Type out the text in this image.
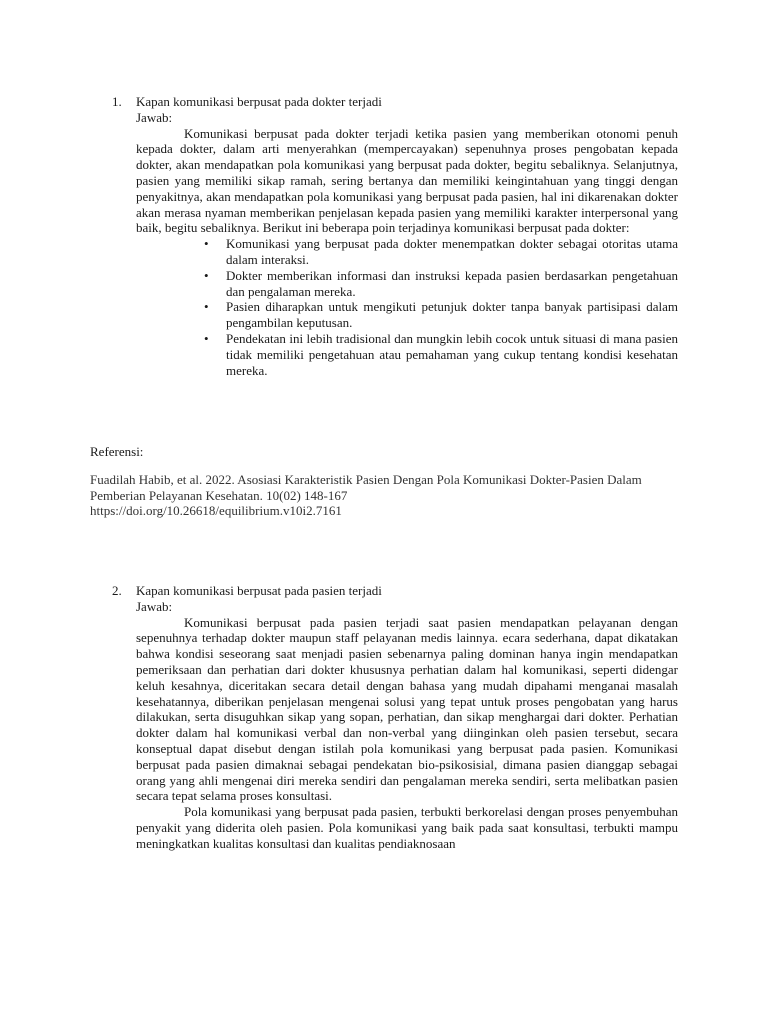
1. Kapan komunikasi berpusat pada dokter terjadi
Jawab:

Komunikasi berpusat pada dokter terjadi ketika pasien yang memberikan otonomi penuh kepada dokter, dalam arti menyerahkan (mempercayakan) sepenuhnya proses pengobatan kepada dokter, akan mendapatkan pola komunikasi yang berpusat pada dokter, begitu sebaliknya. Selanjutnya, pasien yang memiliki sikap ramah, sering bertanya dan memiliki keingintahuan yang tinggi dengan penyakitnya, akan mendapatkan pola komunikasi yang berpusat pada pasien, hal ini dikarenakan dokter akan merasa nyaman memberikan penjelasan kepada pasien yang memiliki karakter interpersonal yang baik, begitu sebaliknya. Berikut ini beberapa poin terjadinya komunikasi berpusat pada dokter:

• Komunikasi yang berpusat pada dokter menempatkan dokter sebagai otoritas utama dalam interaksi.
• Dokter memberikan informasi dan instruksi kepada pasien berdasarkan pengetahuan dan pengalaman mereka.
• Pasien diharapkan untuk mengikuti petunjuk dokter tanpa banyak partisipasi dalam pengambilan keputusan.
• Pendekatan ini lebih tradisional dan mungkin lebih cocok untuk situasi di mana pasien tidak memiliki pengetahuan atau pemahaman yang cukup tentang kondisi kesehatan mereka.
Referensi:
Fuadilah Habib, et al. 2022. Asosiasi Karakteristik Pasien Dengan Pola Komunikasi Dokter-Pasien Dalam Pemberian Pelayanan Kesehatan. 10(02) 148-167
https://doi.org/10.26618/equilibrium.v10i2.7161
2. Kapan komunikasi berpusat pada pasien terjadi
Jawab:

Komunikasi berpusat pada pasien terjadi saat pasien mendapatkan pelayanan dengan sepenuhnya terhadap dokter maupun staff pelayanan medis lainnya. ecara sederhana, dapat dikatakan bahwa kondisi seseorang saat menjadi pasien sebenarnya paling dominan hanya ingin mendapatkan pemeriksaan dan perhatian dari dokter khususnya perhatian dalam hal komunikasi, seperti didengar keluh kesahnya, diceritakan secara detail dengan bahasa yang mudah dipahami menganai masalah kesehatannya, diberikan penjelasan mengenai solusi yang tepat untuk proses pengobatan yang harus dilakukan, serta disuguhkan sikap yang sopan, perhatian, dan sikap menghargai dari dokter. Perhatian dokter dalam hal komunikasi verbal dan non-verbal yang diinginkan oleh pasien tersebut, secara konseptual dapat disebut dengan istilah pola komunikasi yang berpusat pada pasien. Komunikasi berpusat pada pasien dimaknai sebagai pendekatan bio-psikosisial, dimana pasien dianggap sebagai orang yang ahli mengenai diri mereka sendiri dan pengalaman mereka sendiri, serta melibatkan pasien secara tepat selama proses konsultasi.

Pola komunikasi yang berpusat pada pasien, terbukti berkorelasi dengan proses penyembuhan penyakit yang diderita oleh pasien. Pola komunikasi yang baik pada saat konsultasi, terbukti mampu meningkatkan kualitas konsultasi dan kualitas pendiaknosaan
